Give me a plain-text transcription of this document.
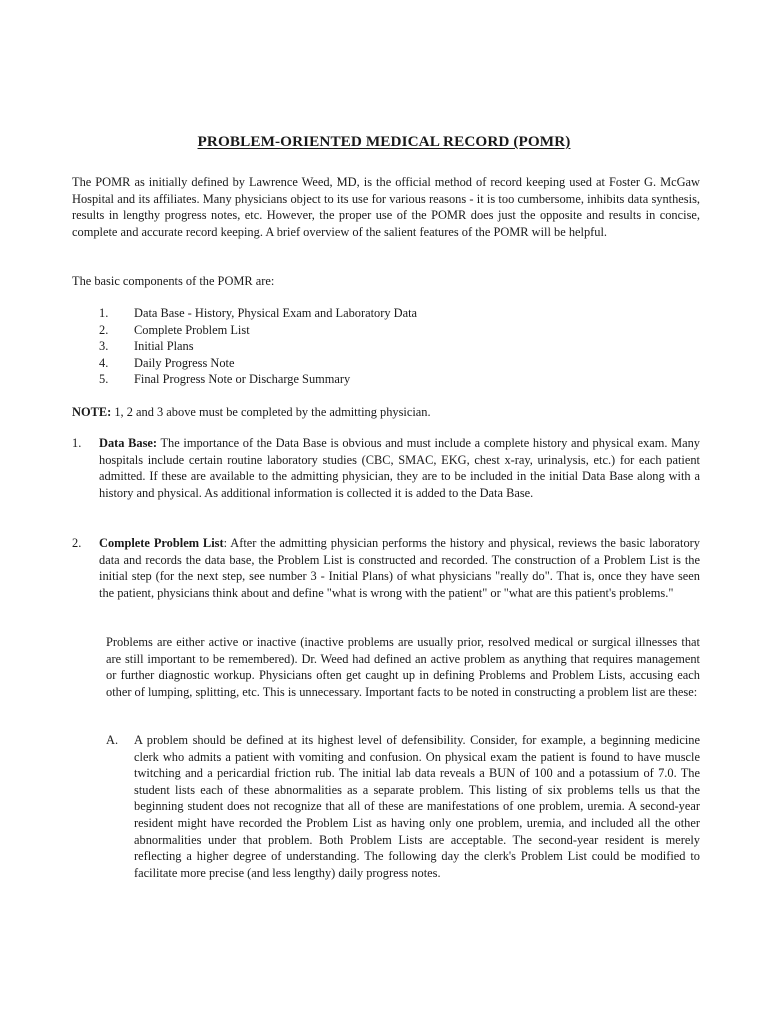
PROBLEM-ORIENTED MEDICAL RECORD (POMR)

The POMR as initially defined by Lawrence Weed, MD, is the official method of record keeping used at Foster G. McGaw Hospital and its affiliates. Many physicians object to its use for various reasons - it is too cumbersome, inhibits data synthesis, results in lengthy progress notes, etc. However, the proper use of the POMR does just the opposite and results in concise, complete and accurate record keeping. A brief overview of the salient features of the POMR will be helpful.

The basic components of the POMR are:

1.	Data Base - History, Physical Exam and Laboratory Data
2.	Complete Problem List
3.	Initial Plans
4.	Daily Progress Note
5.	Final Progress Note or Discharge Summary

NOTE: 1, 2 and 3 above must be completed by the admitting physician.

1. Data Base: The importance of the Data Base is obvious and must include a complete history and physical exam. Many hospitals include certain routine laboratory studies (CBC, SMAC, EKG, chest x-ray, urinalysis, etc.) for each patient admitted. If these are available to the admitting physician, they are to be included in the initial Data Base along with a history and physical. As additional information is collected it is added to the Data Base.

2. Complete Problem List: After the admitting physician performs the history and physical, reviews the basic laboratory data and records the data base, the Problem List is constructed and recorded. The construction of a Problem List is the initial step (for the next step, see number 3 - Initial Plans) of what physicians "really do". That is, once they have seen the patient, physicians think about and define "what is wrong with the patient" or "what are this patient's problems."

Problems are either active or inactive (inactive problems are usually prior, resolved medical or surgical illnesses that are still important to be remembered). Dr. Weed had defined an active problem as anything that requires management or further diagnostic workup. Physicians often get caught up in defining Problems and Problem Lists, accusing each other of lumping, splitting, etc. This is unnecessary. Important facts to be noted in constructing a problem list are these:

A. A problem should be defined at its highest level of defensibility. Consider, for example, a beginning medicine clerk who admits a patient with vomiting and confusion. On physical exam the patient is found to have muscle twitching and a pericardial friction rub. The initial lab data reveals a BUN of 100 and a potassium of 7.0. The student lists each of these abnormalities as a separate problem. This listing of six problems tells us that the beginning student does not recognize that all of these are manifestations of one problem, uremia. A second-year resident might have recorded the Problem List as having only one problem, uremia, and included all the other abnormalities under that problem. Both Problem Lists are acceptable. The second-year resident is merely reflecting a higher degree of understanding. The following day the clerk's Problem List could be modified to facilitate more precise (and less lengthy) daily progress notes.
